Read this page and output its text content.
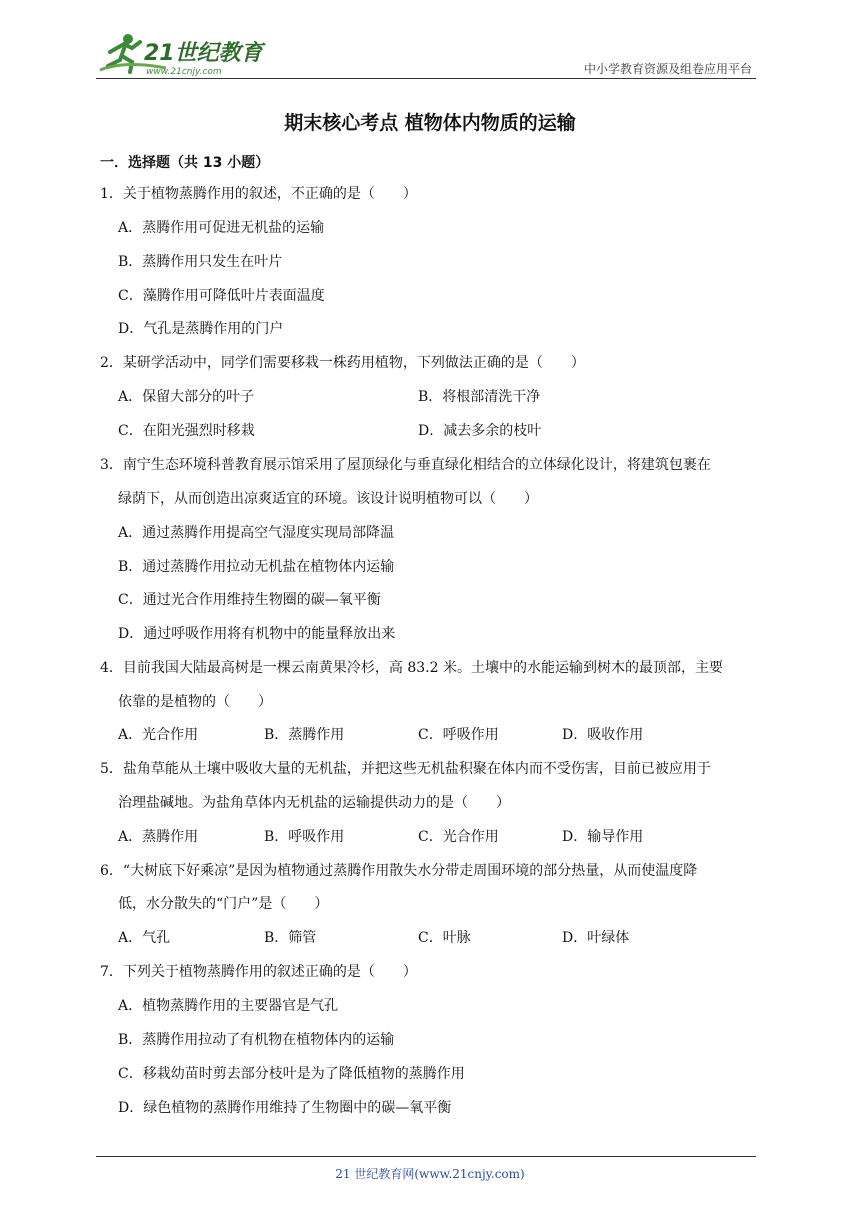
21世纪教育
www.21cnjy.com	中小学教育资源及组卷应用平台
期末核心考点 植物体内物质的运输
一．选择题（共 13 小题）
1．关于植物蒸腾作用的叙述，不正确的是（　　）
A．蒸腾作用可促进无机盐的运输
B．蒸腾作用只发生在叶片
C．藻腾作用可降低叶片表面温度
D．气孔是蒸腾作用的门户
2．某研学活动中，同学们需要移栽一株药用植物，下列做法正确的是（　　）
A．保留大部分的叶子	B．将根部清洗干净
C．在阳光强烈时移栽	D．减去多余的枝叶
3．南宁生态环境科普教育展示馆采用了屋顶绿化与垂直绿化相结合的立体绿化设计，将建筑包裹在
绿荫下，从而创造出凉爽适宜的环境。该设计说明植物可以（　　）
A．通过蒸腾作用提高空气湿度实现局部降温
B．通过蒸腾作用拉动无机盐在植物体内运输
C．通过光合作用维持生物圈的碳—氧平衡
D．通过呼吸作用将有机物中的能量释放出来
4．目前我国大陆最高树是一棵云南黄果冷杉，高 83.2 米。土壤中的水能运输到树木的最顶部，主要
依靠的是植物的（　　）
A．光合作用	B．蒸腾作用	C．呼吸作用	D．吸收作用
5．盐角草能从土壤中吸收大量的无机盐，并把这些无机盐积聚在体内而不受伤害，目前已被应用于
治理盐碱地。为盐角草体内无机盐的运输提供动力的是（　　）
A．蒸腾作用	B．呼吸作用	C．光合作用	D．输导作用
6．“大树底下好乘凉”是因为植物通过蒸腾作用散失水分带走周围环境的部分热量，从而使温度降
低，水分散失的“门户”是（　　）
A．气孔	B．筛管	C．叶脉	D．叶绿体
7．下列关于植物蒸腾作用的叙述正确的是（　　）
A．植物蒸腾作用的主要器官是气孔
B．蒸腾作用拉动了有机物在植物体内的运输
C．移栽幼苗时剪去部分枝叶是为了降低植物的蒸腾作用
D．绿色植物的蒸腾作用维持了生物圈中的碳—氧平衡
21 世纪教育网(www.21cnjy.com)
